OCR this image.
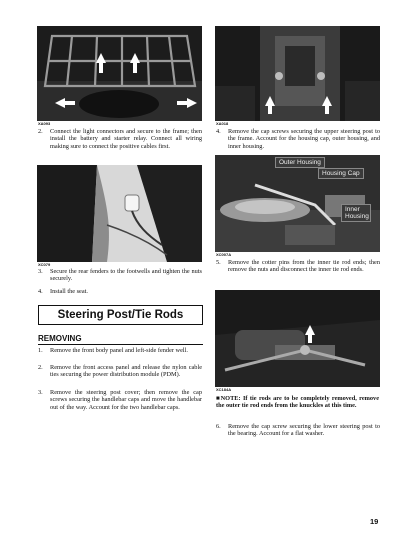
XA093	XA018
2. Connect the light connectors and secure to the frame; then install the battery and starter relay. Connect all wiring making sure to connect the positive cables first.
XC079
Outer Housing
Housing Cap
Inner Housing
XC007A
3. Secure the rear fenders to the footwells and tighten the nuts securely.
4. Install the seat.
5. Remove the cotter pins from the inner tie rod ends; then remove the nuts and disconnect the inner tie rod ends.
Steering Post/Tie Rods
REMOVING
1. Remove the front body panel and left-side fender well.
2. Remove the front access panel and release the nylon cable ties securing the power distribution module (PDM).
3. Remove the steering post cover; then remove the cap screws securing the handlebar caps and move the handlebar out of the way. Account for the two handlebar caps.
XC184A
4. Remove the cap screws securing the upper steering post to the frame. Account for the housing cap, outer housing, and inner housing.
■NOTE: If tie rods are to be completely removed, remove the outer tie rod ends from the knuckles at this time.
6. Remove the cap screw securing the lower steering post to the bearing. Account for a flat washer.
19
